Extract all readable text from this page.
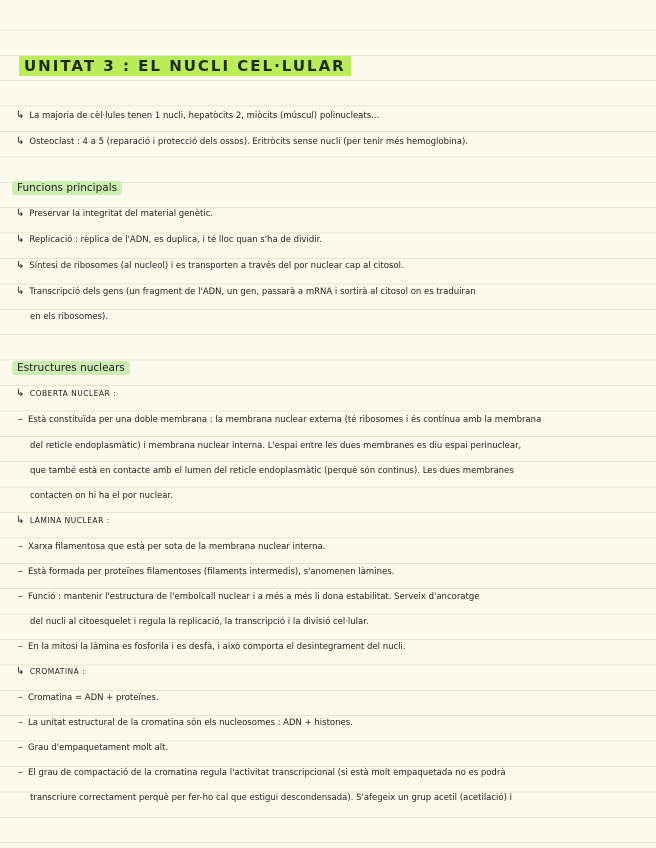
UNITAT 3 : EL NUCLI CEL·LULAR
↳ La majoria de cèl·lules tenen 1 nucli, hepatòcits 2, miòcits (múscul) polinucleats...
↳ Osteoclast : 4 a 5 (reparació i protecció dels ossos). Eritròcits sense nucli (per tenir més hemoglobina).
Funcions principals
↳ Preservar la integritat del material genètic.
↳ Replicació : rèplica de l'ADN, es duplica, i té lloc quan s'ha de dividir.
↳ Síntesi de ribosomes (al nucleol) i es transporten a través del por nuclear cap al citosol.
↳ Transcripció dels gens (un fragment de l'ADN, un gen, passarà a mRNA i sortirà al citosol on es traduiran
en els ribosomes).
Estructures nuclears
↳ COBERTA NUCLEAR :
– Està constituïda per una doble membrana : la membrana nuclear externa (té ribosomes i és contínua amb la membrana
del reticle endoplasmàtic) i membrana nuclear interna. L'espai entre les dues membranes es diu espai perinuclear,
que també està en contacte amb el lumen del reticle endoplasmàtic (perquè són continus). Les dues membranes
contacten on hi ha el por nuclear.
↳ LÀMINA NUCLEAR :
– Xarxa filamentosa que està per sota de la membrana nuclear interna.
– Està formada per proteïnes filamentoses (filaments intermedis), s'anomenen làmines.
– Funció : mantenir l'estructura de l'embolcall nuclear i a més a més li dona estabilitat. Serveix d'ancoratge
del nucli al citoesquelet i regula la replicació, la transcripció i la divisió cel·lular.
– En la mitosi la làmina es fosforila i es desfà, i això comporta el desintegrament del nucli.
↳ CROMATINA :
– Cromatina = ADN + proteïnes.
– La unitat estructural de la cromatina són els nucleosomes : ADN + histones.
– Grau d'empaquetament molt alt.
– El grau de compactació de la cromatina regula l'activitat transcripcional (si està molt empaquetada no es podrà
transcriure correctament perquè per fer-ho cal que estigui descondensada). S'afegeix un grup acetil (acetilació) i
